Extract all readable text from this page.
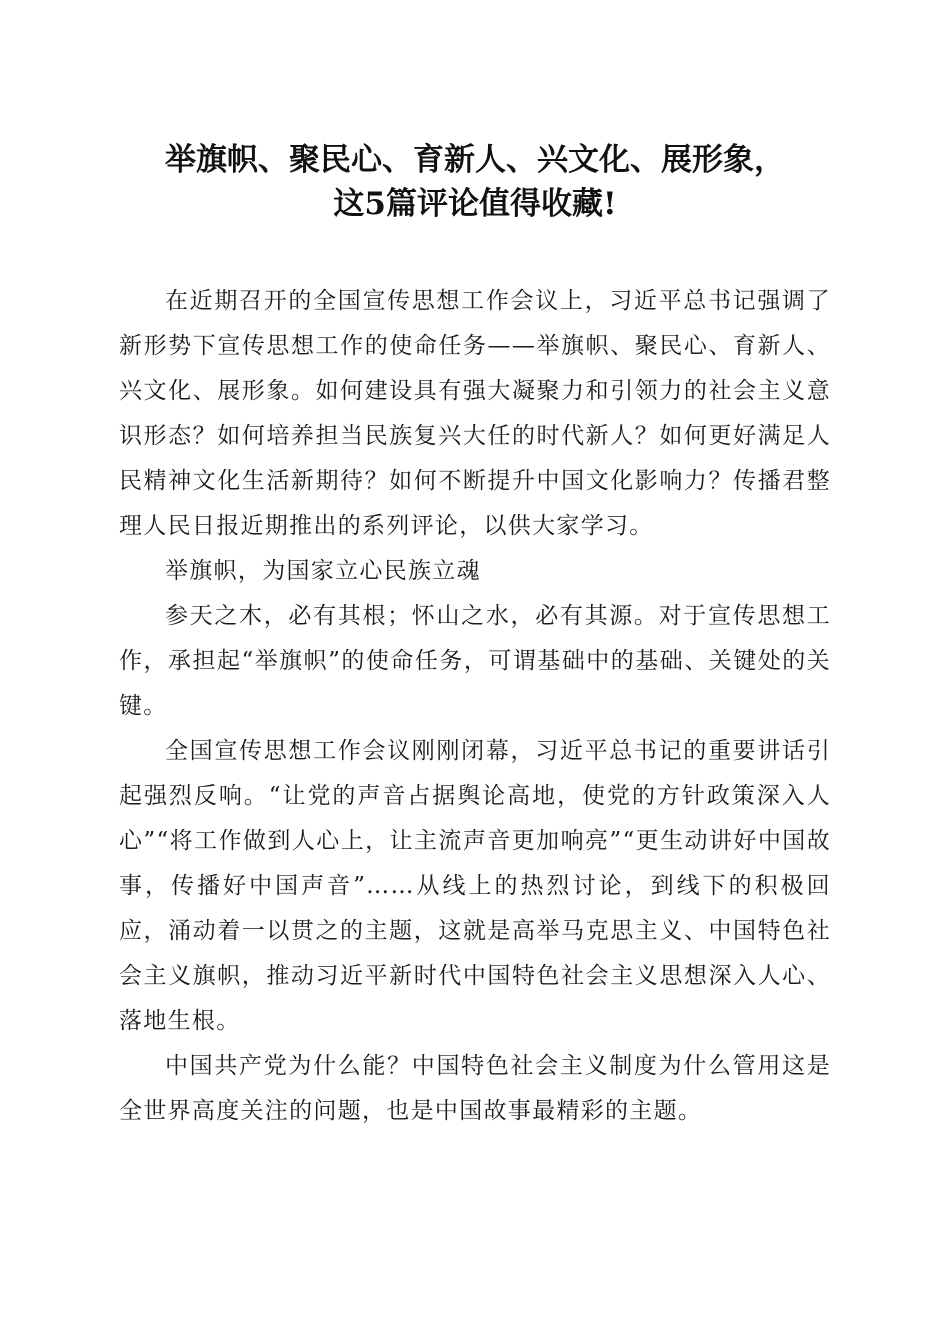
举旗帜、聚民心、育新人、兴文化、展形象，
这5篇评论值得收藏!

在近期召开的全国宣传思想工作会议上，习近平总书记强调了新形势下宣传思想工作的使命任务——举旗帜、聚民心、育新人、兴文化、展形象。如何建设具有强大凝聚力和引领力的社会主义意识形态？如何培养担当民族复兴大任的时代新人？如何更好满足人民精神文化生活新期待？如何不断提升中国文化影响力？传播君整理人民日报近期推出的系列评论，以供大家学习。

举旗帜，为国家立心民族立魂

参天之木，必有其根；怀山之水，必有其源。对于宣传思想工作，承担起“举旗帜”的使命任务，可谓基础中的基础、关键处的关键。

全国宣传思想工作会议刚刚闭幕，习近平总书记的重要讲话引起强烈反响。“让党的声音占据舆论高地，使党的方针政策深入人心”“将工作做到人心上，让主流声音更加响亮”“更生动讲好中国故事，传播好中国声音”……从线上的热烈讨论，到线下的积极回应，涌动着一以贯之的主题，这就是高举马克思主义、中国特色社会主义旗帜，推动习近平新时代中国特色社会主义思想深入人心、落地生根。

中国共产党为什么能？中国特色社会主义制度为什么管用这是全世界高度关注的问题，也是中国故事最精彩的主题。
